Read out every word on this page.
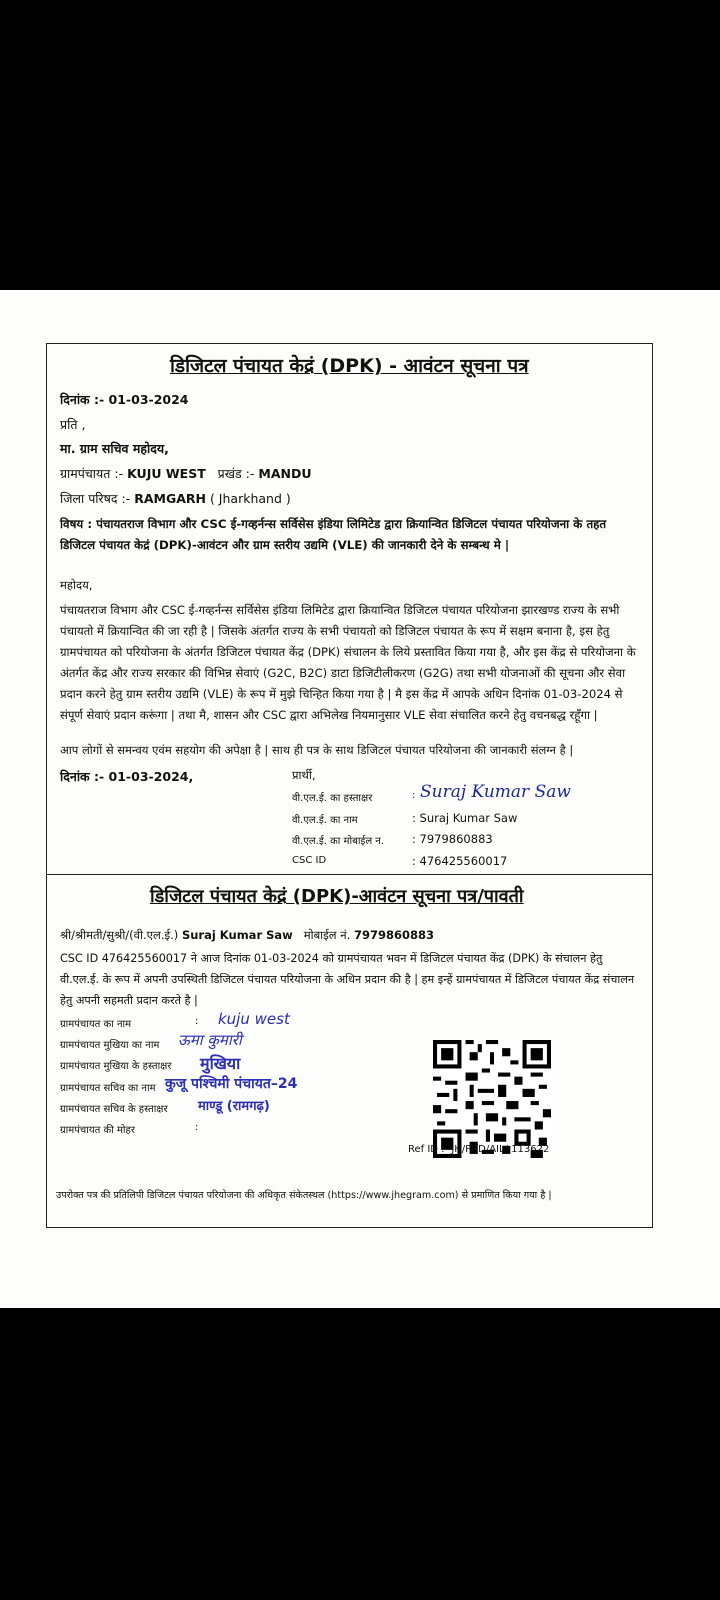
डिजिटल पंचायत केद्रं (DPK) - आवंटन सूचना पत्र
दिनांक :- 01-03-2024
प्रति ,
मा. ग्राम सचिव महोदय,
ग्रामपंचायत :- KUJU WEST प्रखंड :- MANDU
जिला परिषद :- RAMGARH ( Jharkhand )
विषय : पंचायतराज विभाग और CSC ई-गव्हर्नन्स सर्विसेस इंडिया लिमिटेड द्वारा क्रियान्वित डिजिटल पंचायत परियोजना के तहत डिजिटल पंचायत केद्रं (DPK)-आवंटन और ग्राम स्तरीय उद्यमि (VLE) की जानकारी देने के सम्बन्ध मे |
महोदय,
पंचायतराज विभाग और CSC ई-गव्हर्नन्स सर्विसेस इंडिया लिमिटेड द्वारा क्रियान्वित डिजिटल पंचायत परियोजना झारखण्ड राज्य के सभी पंचायतो में क्रियान्वित की जा रही है | जिसके अंतर्गत राज्य के सभी पंचायतो को डिजिटल पंचायत के रूप में सक्षम बनाना है, इस हेतु ग्रामपंचायत को परियोजना के अंतर्गत डिजिटल पंचायत केंद्र (DPK) संचालन के लिये प्रस्तावित किया गया है, और इस केंद्र से परियोजना के अंतर्गत केंद्र और राज्य सरकार की विभिन्न सेवाएं (G2C, B2C) डाटा डिजिटीलीकरण (G2G) तथा सभी योजनाओं की सूचना और सेवा प्रदान करने हेतु ग्राम स्तरीय उद्यमि (VLE) के रूप में मुझे चिन्हित किया गया है | मै इस केंद्र में आपके अधिन दिनांक 01-03-2024 से संपूर्ण सेवाएं प्रदान करूंगा | तथा मै, शासन और CSC द्वारा अभिलेख नियमानुसार VLE सेवा संचालित करने हेतु वचनबद्ध रहूँगा |
आप लोगों से समन्वय एवंम सहयोग की अपेक्षा है | साथ ही पत्र के साथ डिजिटल पंचायत परियोजना की जानकारी संलग्न है |
दिनांक :- 01-03-2024,	प्रार्थी,
वी.एल.ई. का हस्ताक्षर	: Suraj Kumar Saw
वी.एल.ई. का नाम	: Suraj Kumar Saw
वी.एल.ई. का मोबाईल न. : 7979860883
CSC ID	: 476425560017
डिजिटल पंचायत केद्रं (DPK)-आवंटन सूचना पत्र/पावती
श्री/श्रीमती/सुश्री/(वी.एल.ई.) Suraj Kumar Saw मोबाईल नं. 7979860883
CSC ID 476425560017 ने आज दिनांक 01-03-2024 को ग्रामपंचायत भवन में डिजिटल पंचायत केंद्र (DPK) के संचालन हेतु वी.एल.ई. के रूप में अपनी उपस्थिती डिजिटल पंचायत परियोजना के अधिन प्रदान की है | हम इन्हें ग्रामपंचायत में डिजिटल पंचायत केंद्र संचालन हेतु अपनी सहमती प्रदान करते है |
ग्रामपंचायत का नाम	: kuju west
ग्रामपंचायत मुखिया का नाम ऊमा कुमारी
ग्रामपंचायत मुखिया के हस्ताक्षर मुखिया
ग्रामपंचायत सचिव का नाम कुजू पश्चिमी पंचायत–24
ग्रामपंचायत सचिव के हस्ताक्षर माण्डू (रामगढ़)
ग्रामपंचायत की मोहर	:
Ref ID :- JH/PRD/AIL/ 113622
उपरोक्त पत्र की प्रतिलिपी डिजिटल पंचायत परियोजना की अधिकृत संकेतस्थल (https://www.jhegram.com) से प्रमाणित किया गया है |
